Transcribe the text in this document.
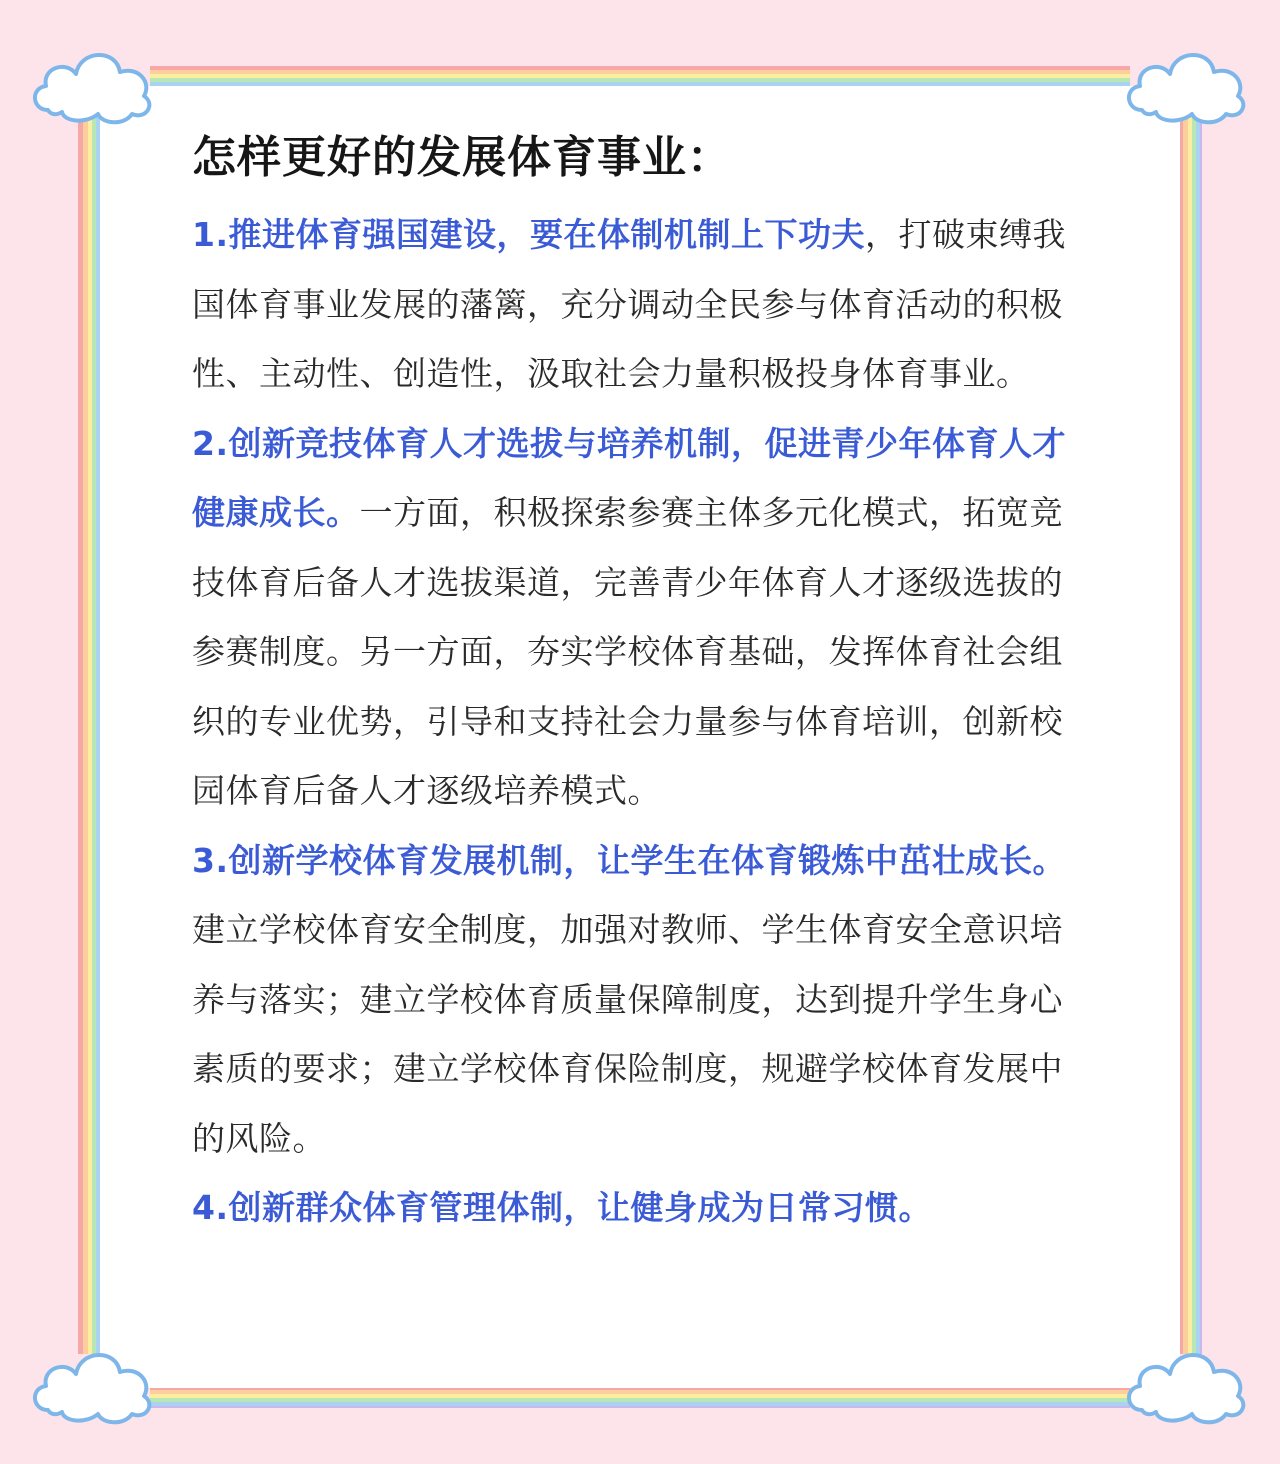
怎样更好的发展体育事业：

1.推进体育强国建设，要在体制机制上下功夫，打破束缚我国体育事业发展的藩篱，充分调动全民参与体育活动的积极性、主动性、创造性，汲取社会力量积极投身体育事业。

2.创新竞技体育人才选拔与培养机制，促进青少年体育人才健康成长。一方面，积极探索参赛主体多元化模式，拓宽竞技体育后备人才选拔渠道，完善青少年体育人才逐级选拔的参赛制度。另一方面，夯实学校体育基础，发挥体育社会组织的专业优势，引导和支持社会力量参与体育培训，创新校园体育后备人才逐级培养模式。

3.创新学校体育发展机制，让学生在体育锻炼中茁壮成长。建立学校体育安全制度，加强对教师、学生体育安全意识培养与落实；建立学校体育质量保障制度，达到提升学生身心素质的要求；建立学校体育保险制度，规避学校体育发展中的风险。

4.创新群众体育管理体制，让健身成为日常习惯。
